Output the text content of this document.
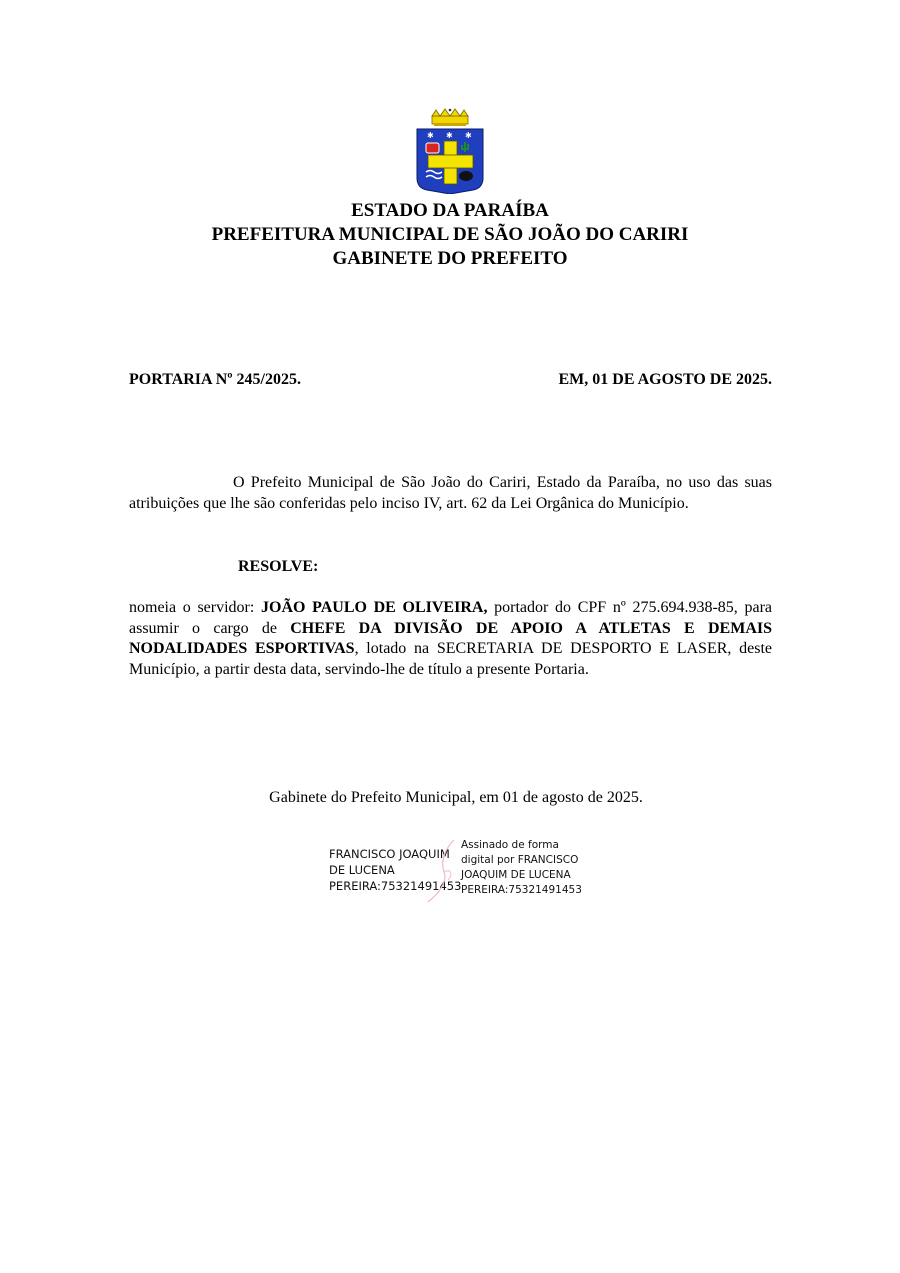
✱ ✱ ✱
ESTADO DA PARAÍBA
PREFEITURA MUNICIPAL DE SÃO JOÃO DO CARIRI
GABINETE DO PREFEITO
PORTARIA Nº 245/2025.	EM, 01 DE AGOSTO DE 2025.
O Prefeito Municipal de São João do Cariri, Estado da Paraíba, no uso das suas atribuições que lhe são conferidas pelo inciso IV, art. 62 da Lei Orgânica do Município.
RESOLVE:
nomeia o servidor: JOÃO PAULO DE OLIVEIRA, portador do CPF nº 275.694.938-85, para assumir o cargo de CHEFE DA DIVISÃO DE APOIO A ATLETAS E DEMAIS NODALIDADES ESPORTIVAS, lotado na SECRETARIA DE DESPORTO E LASER, deste Município, a partir desta data, servindo-lhe de título a presente Portaria.
Gabinete do Prefeito Municipal, em 01 de agosto de 2025.
FRANCISCO JOAQUIM
DE LUCENA
PEREIRA:75321491453
Assinado de forma
digital por FRANCISCO
JOAQUIM DE LUCENA
PEREIRA:75321491453
